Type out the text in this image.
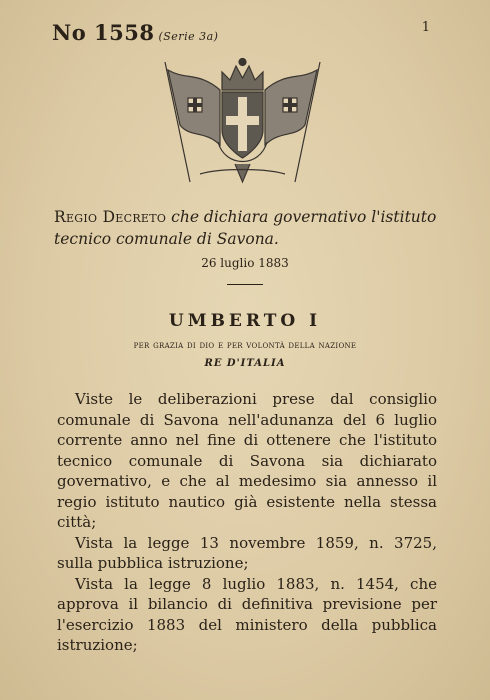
No 1558 (Serie 3a)
1
Regio Decreto che dichiara governativo l'istituto tecnico comunale di Savona.
26 luglio 1883
UMBERTO I
per grazia di dio e per volontà della nazione
RE D'ITALIA

Viste le deliberazioni prese dal consiglio comunale di Savona nell'adunanza del 6 luglio corrente anno nel fine di ottenere che l'istituto tecnico comunale di Savona sia dichiarato governativo, e che al medesimo sia annesso il regio istituto nautico già esistente nella stessa città;

Vista la legge 13 novembre 1859, n. 3725, sulla pubblica istruzione;

Vista la legge 8 luglio 1883, n. 1454, che approva il bilancio di definitiva previsione per l'esercizio 1883 del ministero della pubblica istruzione;
